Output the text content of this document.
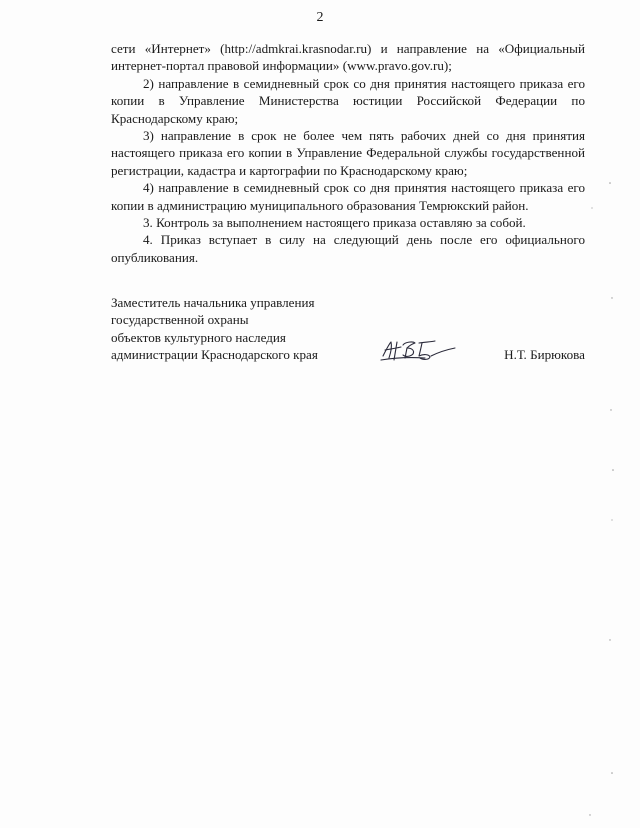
2

сети «Интернет» (http://admkrai.krasnodar.ru) и направление на «Официальный интернет-портал правовой информации» (www.pravo.gov.ru);

2) направление в семидневный срок со дня принятия настоящего приказа его копии в Управление Министерства юстиции Российской Федерации по Краснодарскому краю;

3) направление в срок не более чем пять рабочих дней со дня принятия настоящего приказа его копии в Управление Федеральной службы государственной регистрации, кадастра и картографии по Краснодарскому краю;

4) направление в семидневный срок со дня принятия настоящего приказа его копии в администрацию муниципального образования Темрюкский район.

3. Контроль за выполнением настоящего приказа оставляю за собой.

4. Приказ вступает в силу на следующий день после его официального опубликования.

Заместитель начальника управления
государственной охраны
объектов культурного наследия
администрации Краснодарского края	Н.Т. Бирюкова
